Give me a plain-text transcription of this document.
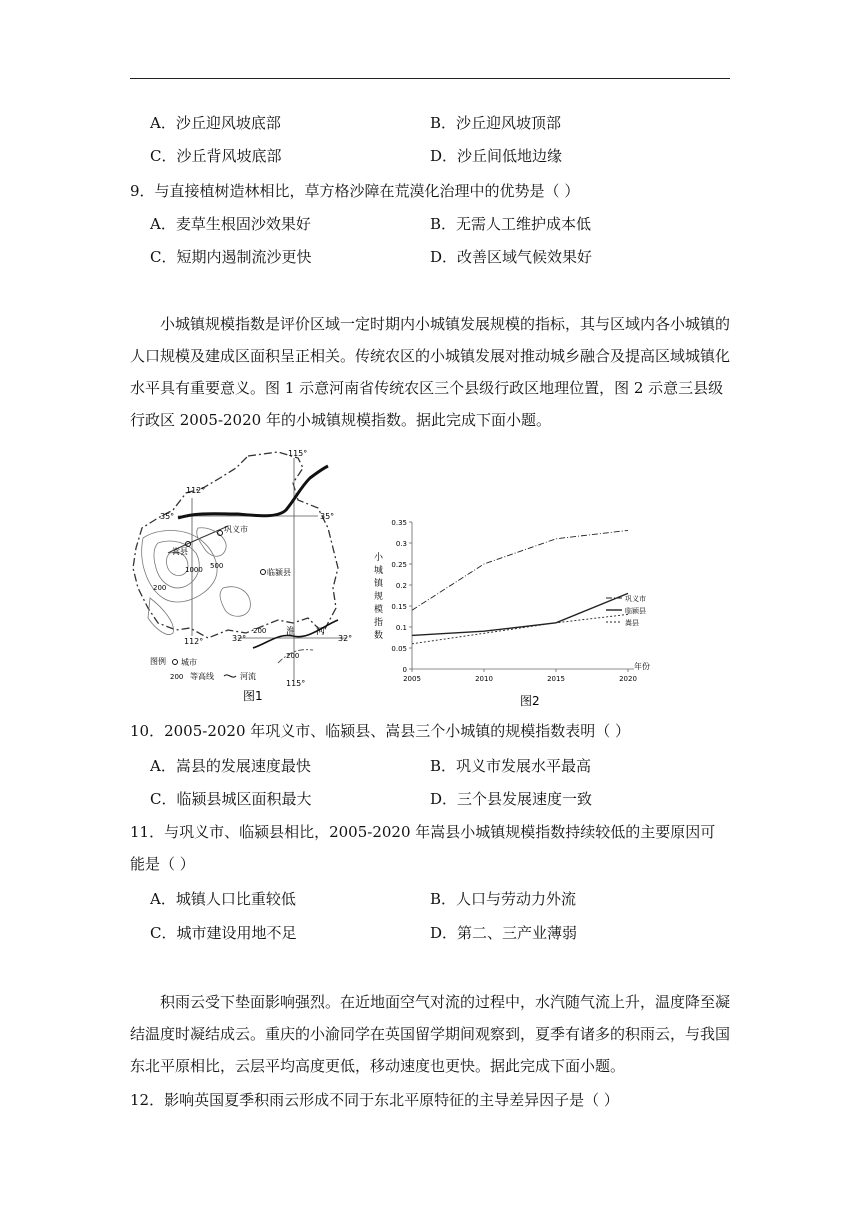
A．沙丘迎风坡底部	B．沙丘迎风坡顶部
C．沙丘背风坡底部	D．沙丘间低地边缘
9．与直接植树造林相比，草方格沙障在荒漠化治理中的优势是（ ）
A．麦草生根固沙效果好	B．无需人工维护成本低
C．短期内遏制流沙更快	D．改善区域气候效果好
小城镇规模指数是评价区域一定时期内小城镇发展规模的指标，其与区域内各小城镇的人口规模及建成区面积呈正相关。传统农区的小城镇发展对推动城乡融合及提高区域城镇化水平具有重要意义。图 1 示意河南省传统农区三个县级行政区地理位置，图 2 示意三县级行政区 2005-2020 年的小城镇规模指数。据此完成下面小题。
115°
112°
35°	35°
112°	32°	32°
115°
巩义市
嵩县
临颍县
1000 500
200
200
200
淮 河
图例 城市
200 等高线	河流
图1
0
0.05
0.1
0.15
0.2
0.25
0.3
0.35
2005	2010	2015	2020
巩义市
临颍县
嵩县
小城镇规模指数
年份
图2
10．2005-2020 年巩义市、临颍县、嵩县三个小城镇的规模指数表明（ ）
A．嵩县的发展速度最快	B．巩义市发展水平最高
C．临颍县城区面积最大	D．三个县发展速度一致
11．与巩义市、临颍县相比，2005-2020 年嵩县小城镇规模指数持续较低的主要原因可能是（ ）
A．城镇人口比重较低	B．人口与劳动力外流
C．城市建设用地不足	D．第二、三产业薄弱
积雨云受下垫面影响强烈。在近地面空气对流的过程中，水汽随气流上升，温度降至凝结温度时凝结成云。重庆的小渝同学在英国留学期间观察到，夏季有诸多的积雨云，与我国东北平原相比，云层平均高度更低，移动速度也更快。据此完成下面小题。
12．影响英国夏季积雨云形成不同于东北平原特征的主导差异因子是（ ）
